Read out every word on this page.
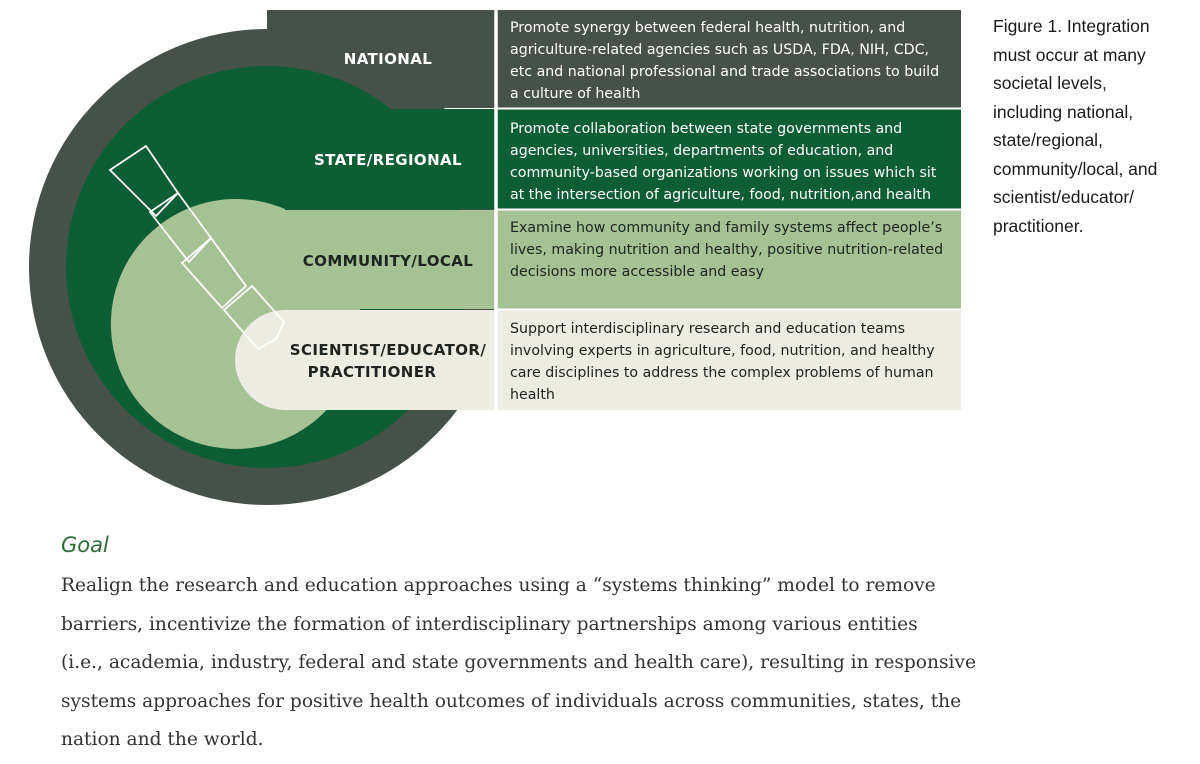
NATIONAL
STATE/REGIONAL
COMMUNITY/LOCAL
SCIENTIST/EDUCATOR/
PRACTITIONER
Promote synergy between federal health, nutrition, and
agriculture-related agencies such as USDA, FDA, NIH, CDC,
etc and national professional and trade associations to build
a culture of health
Promote collaboration between state governments and
agencies, universities, departments of education, and
community-based organizations working on issues which sit
at the intersection of agriculture, food, nutrition,and health
Examine how community and family systems affect people’s
lives, making nutrition and healthy, positive nutrition-related
decisions more accessible and easy
Support interdisciplinary research and education teams
involving experts in agriculture, food, nutrition, and healthy
care disciplines to address the complex problems of human
health

Figure 1. Integration
must occur at many
societal levels,
including national,
state/regional,
community/local, and
scientist/educator/
practitioner.

Goal

Realign the research and education approaches using a “systems thinking” model to remove
barriers, incentivize the formation of interdisciplinary partnerships among various entities
(i.e., academia, industry, federal and state governments and health care), resulting in responsive
systems approaches for positive health outcomes of individuals across communities, states, the
nation and the world.
